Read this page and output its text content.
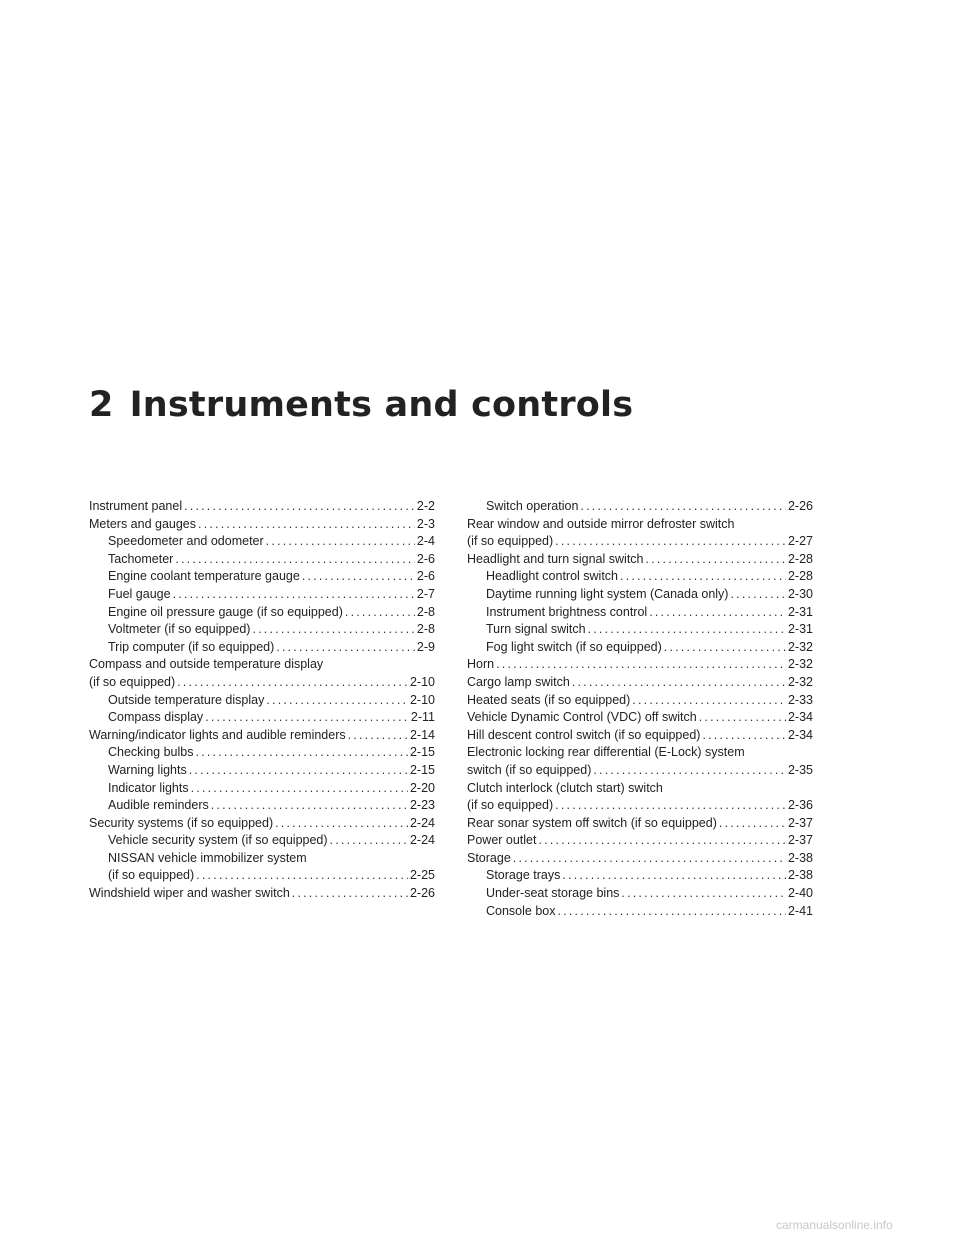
2 Instruments and controls
Instrument panel .....	2-2
Meters and gauges .....	2-3
Speedometer and odometer .....	2-4
Tachometer .....	2-6
Engine coolant temperature gauge .....	2-6
Fuel gauge .....	2-7
Engine oil pressure gauge (if so equipped) .....	2-8
Voltmeter (if so equipped) .....	2-8
Trip computer (if so equipped) .....	2-9
Compass and outside temperature display
(if so equipped) .....	2-10
Outside temperature display .....	2-10
Compass display .....	2-11
Warning/indicator lights and audible reminders .....	2-14
Checking bulbs .....	2-15
Warning lights .....	2-15
Indicator lights .....	2-20
Audible reminders .....	2-23
Security systems (if so equipped) .....	2-24
Vehicle security system (if so equipped) .....	2-24
NISSAN vehicle immobilizer system
(if so equipped) .....	2-25
Windshield wiper and washer switch .....	2-26
Switch operation .....	2-26
Rear window and outside mirror defroster switch
(if so equipped) .....	2-27
Headlight and turn signal switch .....	2-28
Headlight control switch .....	2-28
Daytime running light system (Canada only) .....	2-30
Instrument brightness control .....	2-31
Turn signal switch .....	2-31
Fog light switch (if so equipped) .....	2-32
Horn .....	2-32
Cargo lamp switch .....	2-32
Heated seats (if so equipped) .....	2-33
Vehicle Dynamic Control (VDC) off switch .....	2-34
Hill descent control switch (if so equipped) .....	2-34
Electronic locking rear differential (E-Lock) system
switch (if so equipped) .....	2-35
Clutch interlock (clutch start) switch
(if so equipped) .....	2-36
Rear sonar system off switch (if so equipped) .....	2-37
Power outlet .....	2-37
Storage .....	2-38
Storage trays .....	2-38
Under-seat storage bins .....	2-40
Console box .....	2-41
carmanualsonline.info
